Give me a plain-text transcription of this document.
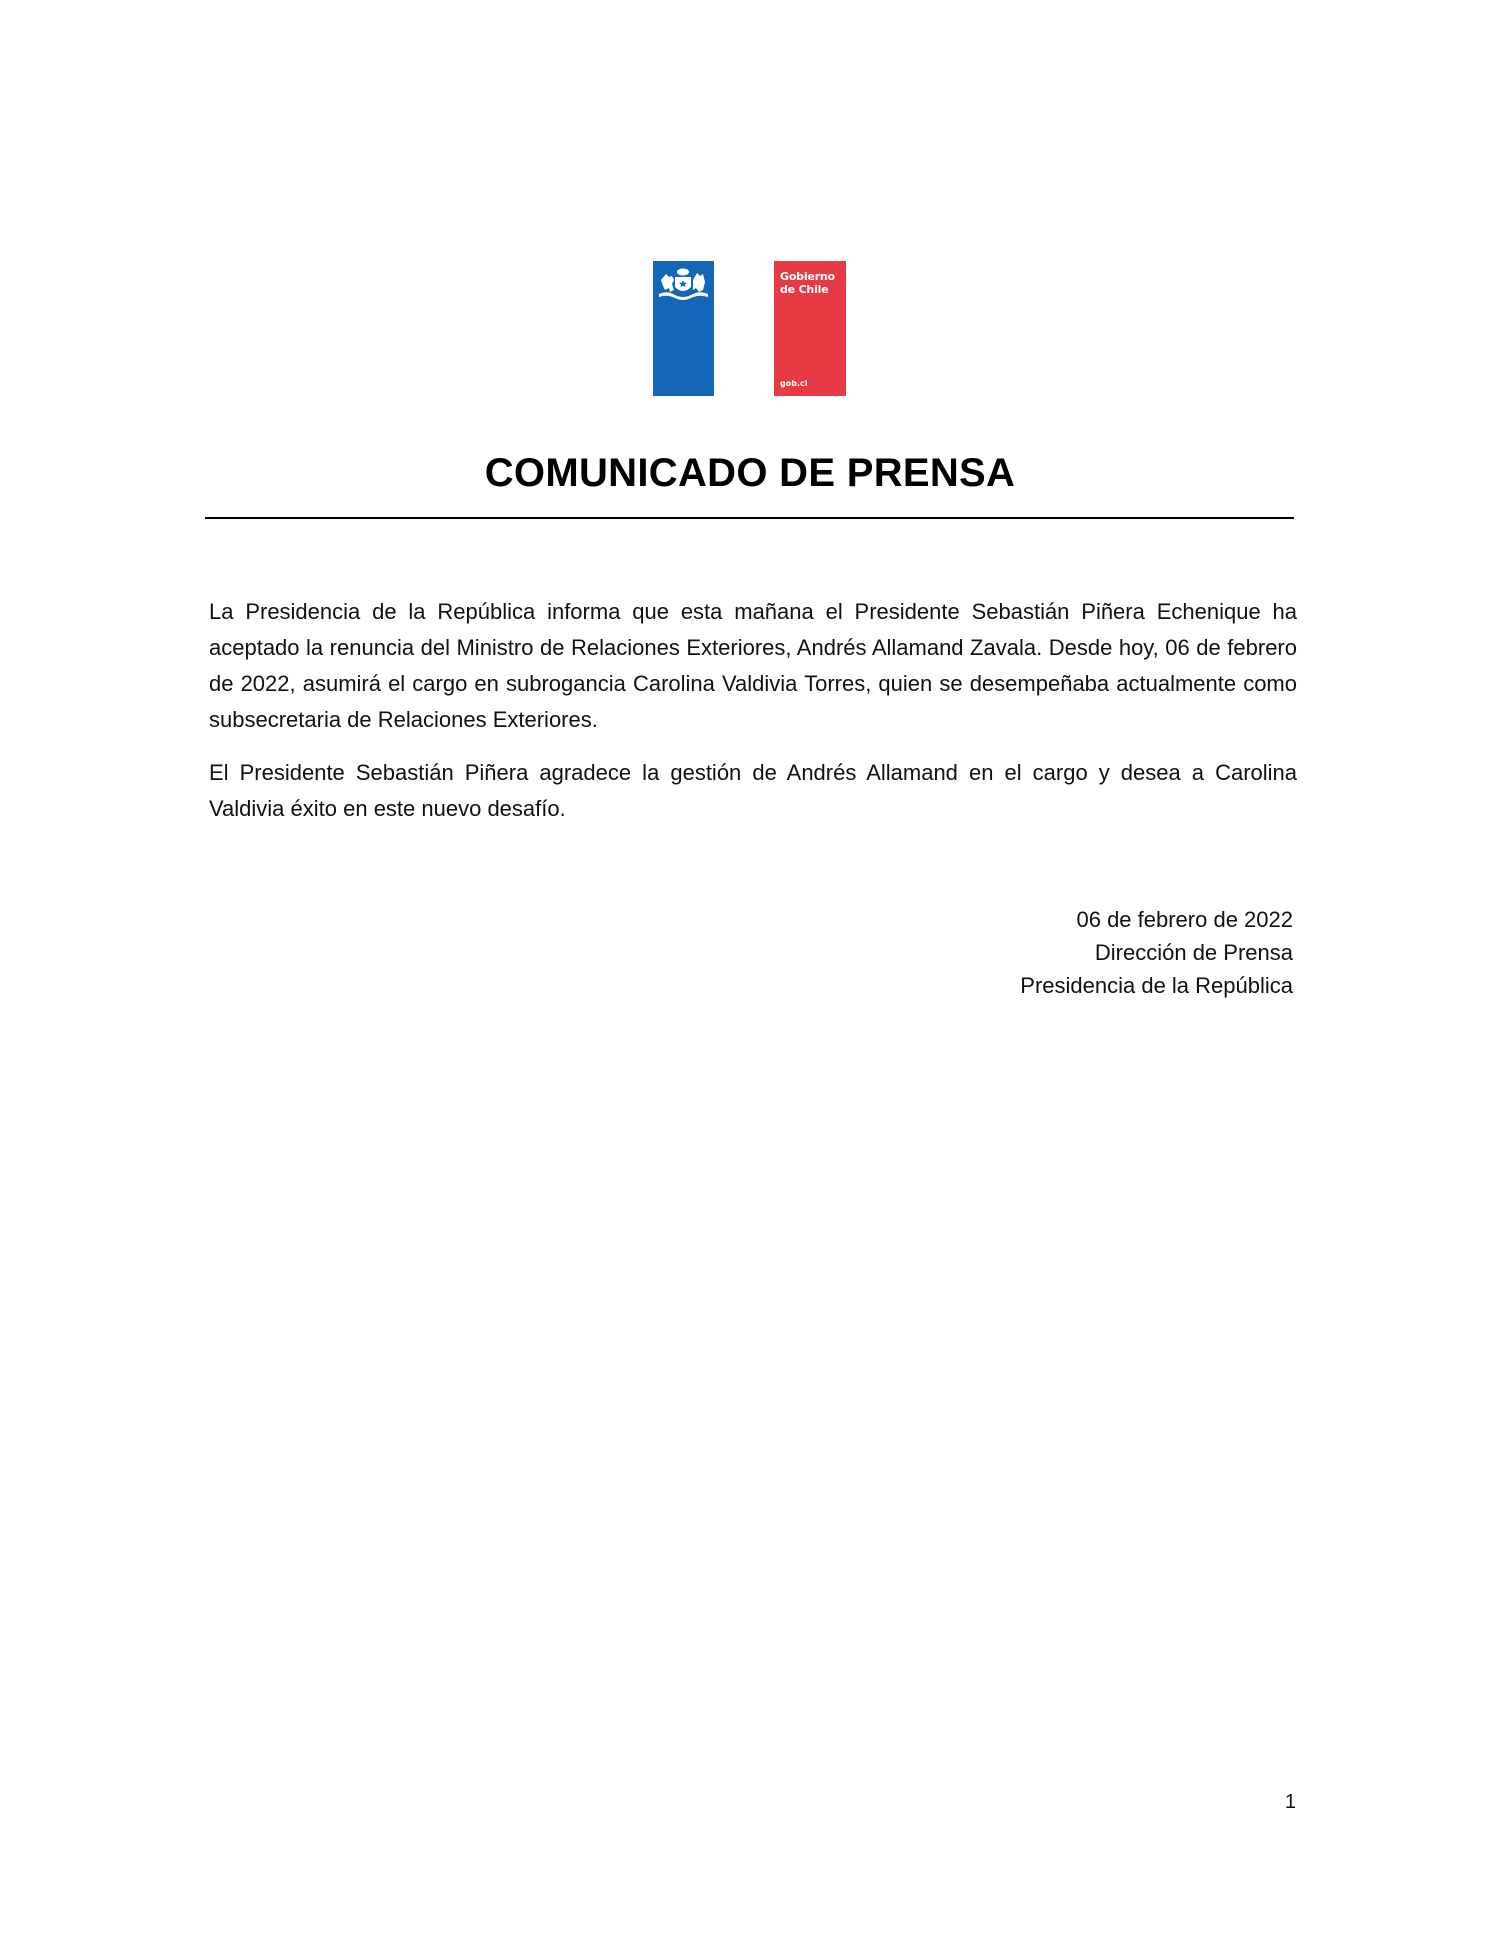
Gobierno
de Chile
gob.cl
COMUNICADO DE PRENSA

La Presidencia de la República informa que esta mañana el Presidente Sebastián Piñera Echenique ha aceptado la renuncia del Ministro de Relaciones Exteriores, Andrés Allamand Zavala. Desde hoy, 06 de febrero de 2022, asumirá el cargo en subrogancia Carolina Valdivia Torres, quien se desempeñaba actualmente como subsecretaria de Relaciones Exteriores.

El Presidente Sebastián Piñera agradece la gestión de Andrés Allamand en el cargo y desea a Carolina Valdivia éxito en este nuevo desafío.

06 de febrero de 2022
Dirección de Prensa
Presidencia de la República
1
